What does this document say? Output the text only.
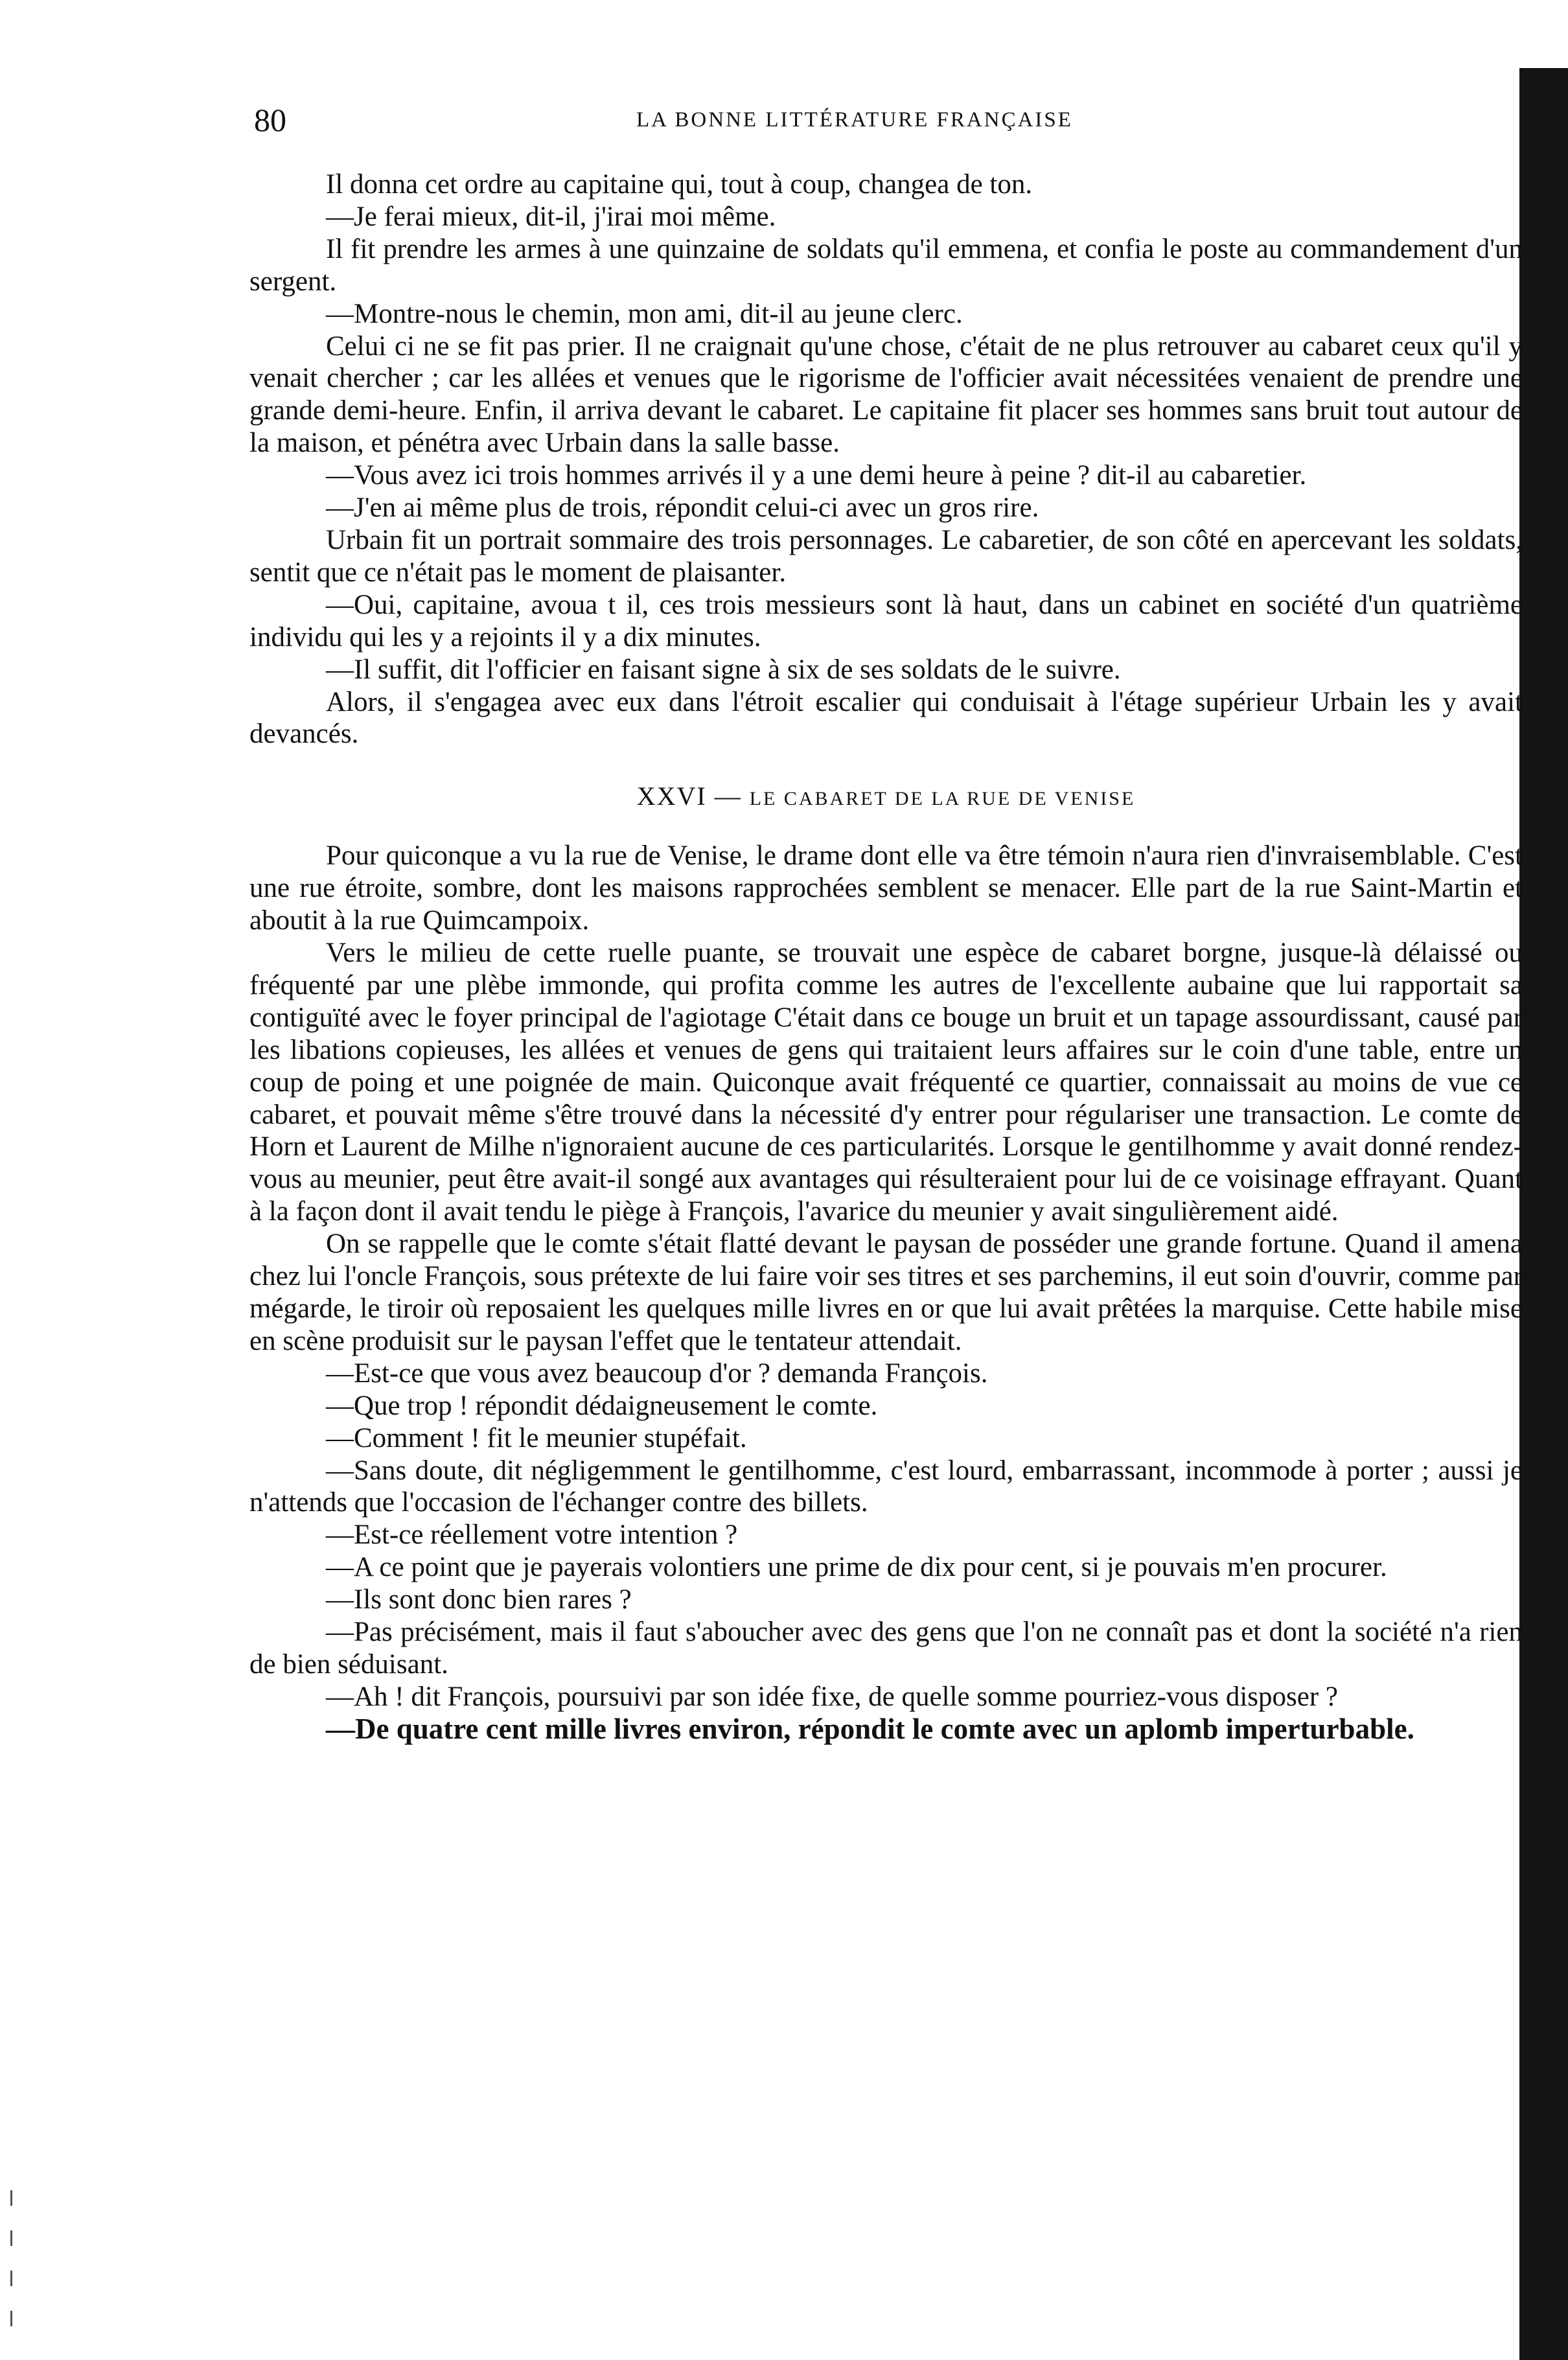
80	LA BONNE LITTÉRATURE FRANÇAISE

Il donna cet ordre au capitaine qui, tout à coup, changea de ton.

—Je ferai mieux, dit-il, j'irai moi même.

Il fit prendre les armes à une quinzaine de soldats qu'il emmena, et confia le poste au commandement d'un sergent.

—Montre-nous le chemin, mon ami, dit-il au jeune clerc.

Celui ci ne se fit pas prier. Il ne craignait qu'une chose, c'était de ne plus retrouver au cabaret ceux qu'il y venait chercher ; car les allées et venues que le rigorisme de l'officier avait nécessitées venaient de prendre une grande demi-heure. Enfin, il arriva devant le cabaret. Le capitaine fit placer ses hommes sans bruit tout autour de la maison, et pénétra avec Urbain dans la salle basse.

—Vous avez ici trois hommes arrivés il y a une demi heure à peine ? dit-il au cabaretier.

—J'en ai même plus de trois, répondit celui-ci avec un gros rire.

Urbain fit un portrait sommaire des trois personnages. Le cabaretier, de son côté en apercevant les soldats, sentit que ce n'était pas le moment de plaisanter.

—Oui, capitaine, avoua t il, ces trois messieurs sont là haut, dans un cabinet en société d'un quatrième individu qui les y a rejoints il y a dix minutes.

—Il suffit, dit l'officier en faisant signe à six de ses soldats de le suivre.

Alors, il s'engagea avec eux dans l'étroit escalier qui conduisait à l'étage supérieur Urbain les y avait devancés.

XXVI — LE CABARET DE LA RUE DE VENISE

Pour quiconque a vu la rue de Venise, le drame dont elle va être témoin n'aura rien d'invraisemblable. C'est une rue étroite, sombre, dont les maisons rapprochées semblent se menacer. Elle part de la rue Saint-Martin et aboutit à la rue Quimcampoix.

Vers le milieu de cette ruelle puante, se trouvait une espèce de cabaret borgne, jusque-là délaissé ou fréquenté par une plèbe immonde, qui profita comme les autres de l'excellente aubaine que lui rapportait sa contiguïté avec le foyer principal de l'agiotage C'était dans ce bouge un bruit et un tapage assourdissant, causé par les libations copieuses, les allées et venues de gens qui traitaient leurs affaires sur le coin d'une table, entre un coup de poing et une poignée de main. Quiconque avait fréquenté ce quartier, connaissait au moins de vue ce cabaret, et pouvait même s'être trouvé dans la nécessité d'y entrer pour régulariser une transaction. Le comte de Horn et Laurent de Milhe n'ignoraient aucune de ces particularités. Lorsque le gentilhomme y avait donné rendez-vous au meunier, peut être avait-il songé aux avantages qui résulteraient pour lui de ce voisinage effrayant. Quant à la façon dont il avait tendu le piège à François, l'avarice du meunier y avait singulièrement aidé.

On se rappelle que le comte s'était flatté devant le paysan de posséder une grande fortune. Quand il amena chez lui l'oncle François, sous prétexte de lui faire voir ses titres et ses parchemins, il eut soin d'ouvrir, comme par mégarde, le tiroir où reposaient les quelques mille livres en or que lui avait prêtées la marquise. Cette habile mise en scène produisit sur le paysan l'effet que le tentateur attendait.

—Est-ce que vous avez beaucoup d'or ? demanda François.

—Que trop ! répondit dédaigneusement le comte.

—Comment ! fit le meunier stupéfait.

—Sans doute, dit négligemment le gentilhomme, c'est lourd, embarrassant, incommode à porter ; aussi je n'attends que l'occasion de l'échanger contre des billets.

—Est-ce réellement votre intention ?

—A ce point que je payerais volontiers une prime de dix pour cent, si je pouvais m'en procurer.

—Ils sont donc bien rares ?

—Pas précisément, mais il faut s'aboucher avec des gens que l'on ne connaît pas et dont la société n'a rien de bien séduisant.

—Ah ! dit François, poursuivi par son idée fixe, de quelle somme pourriez-vous disposer ?

—De quatre cent mille livres environ, répondit le comte avec un aplomb imperturbable.
